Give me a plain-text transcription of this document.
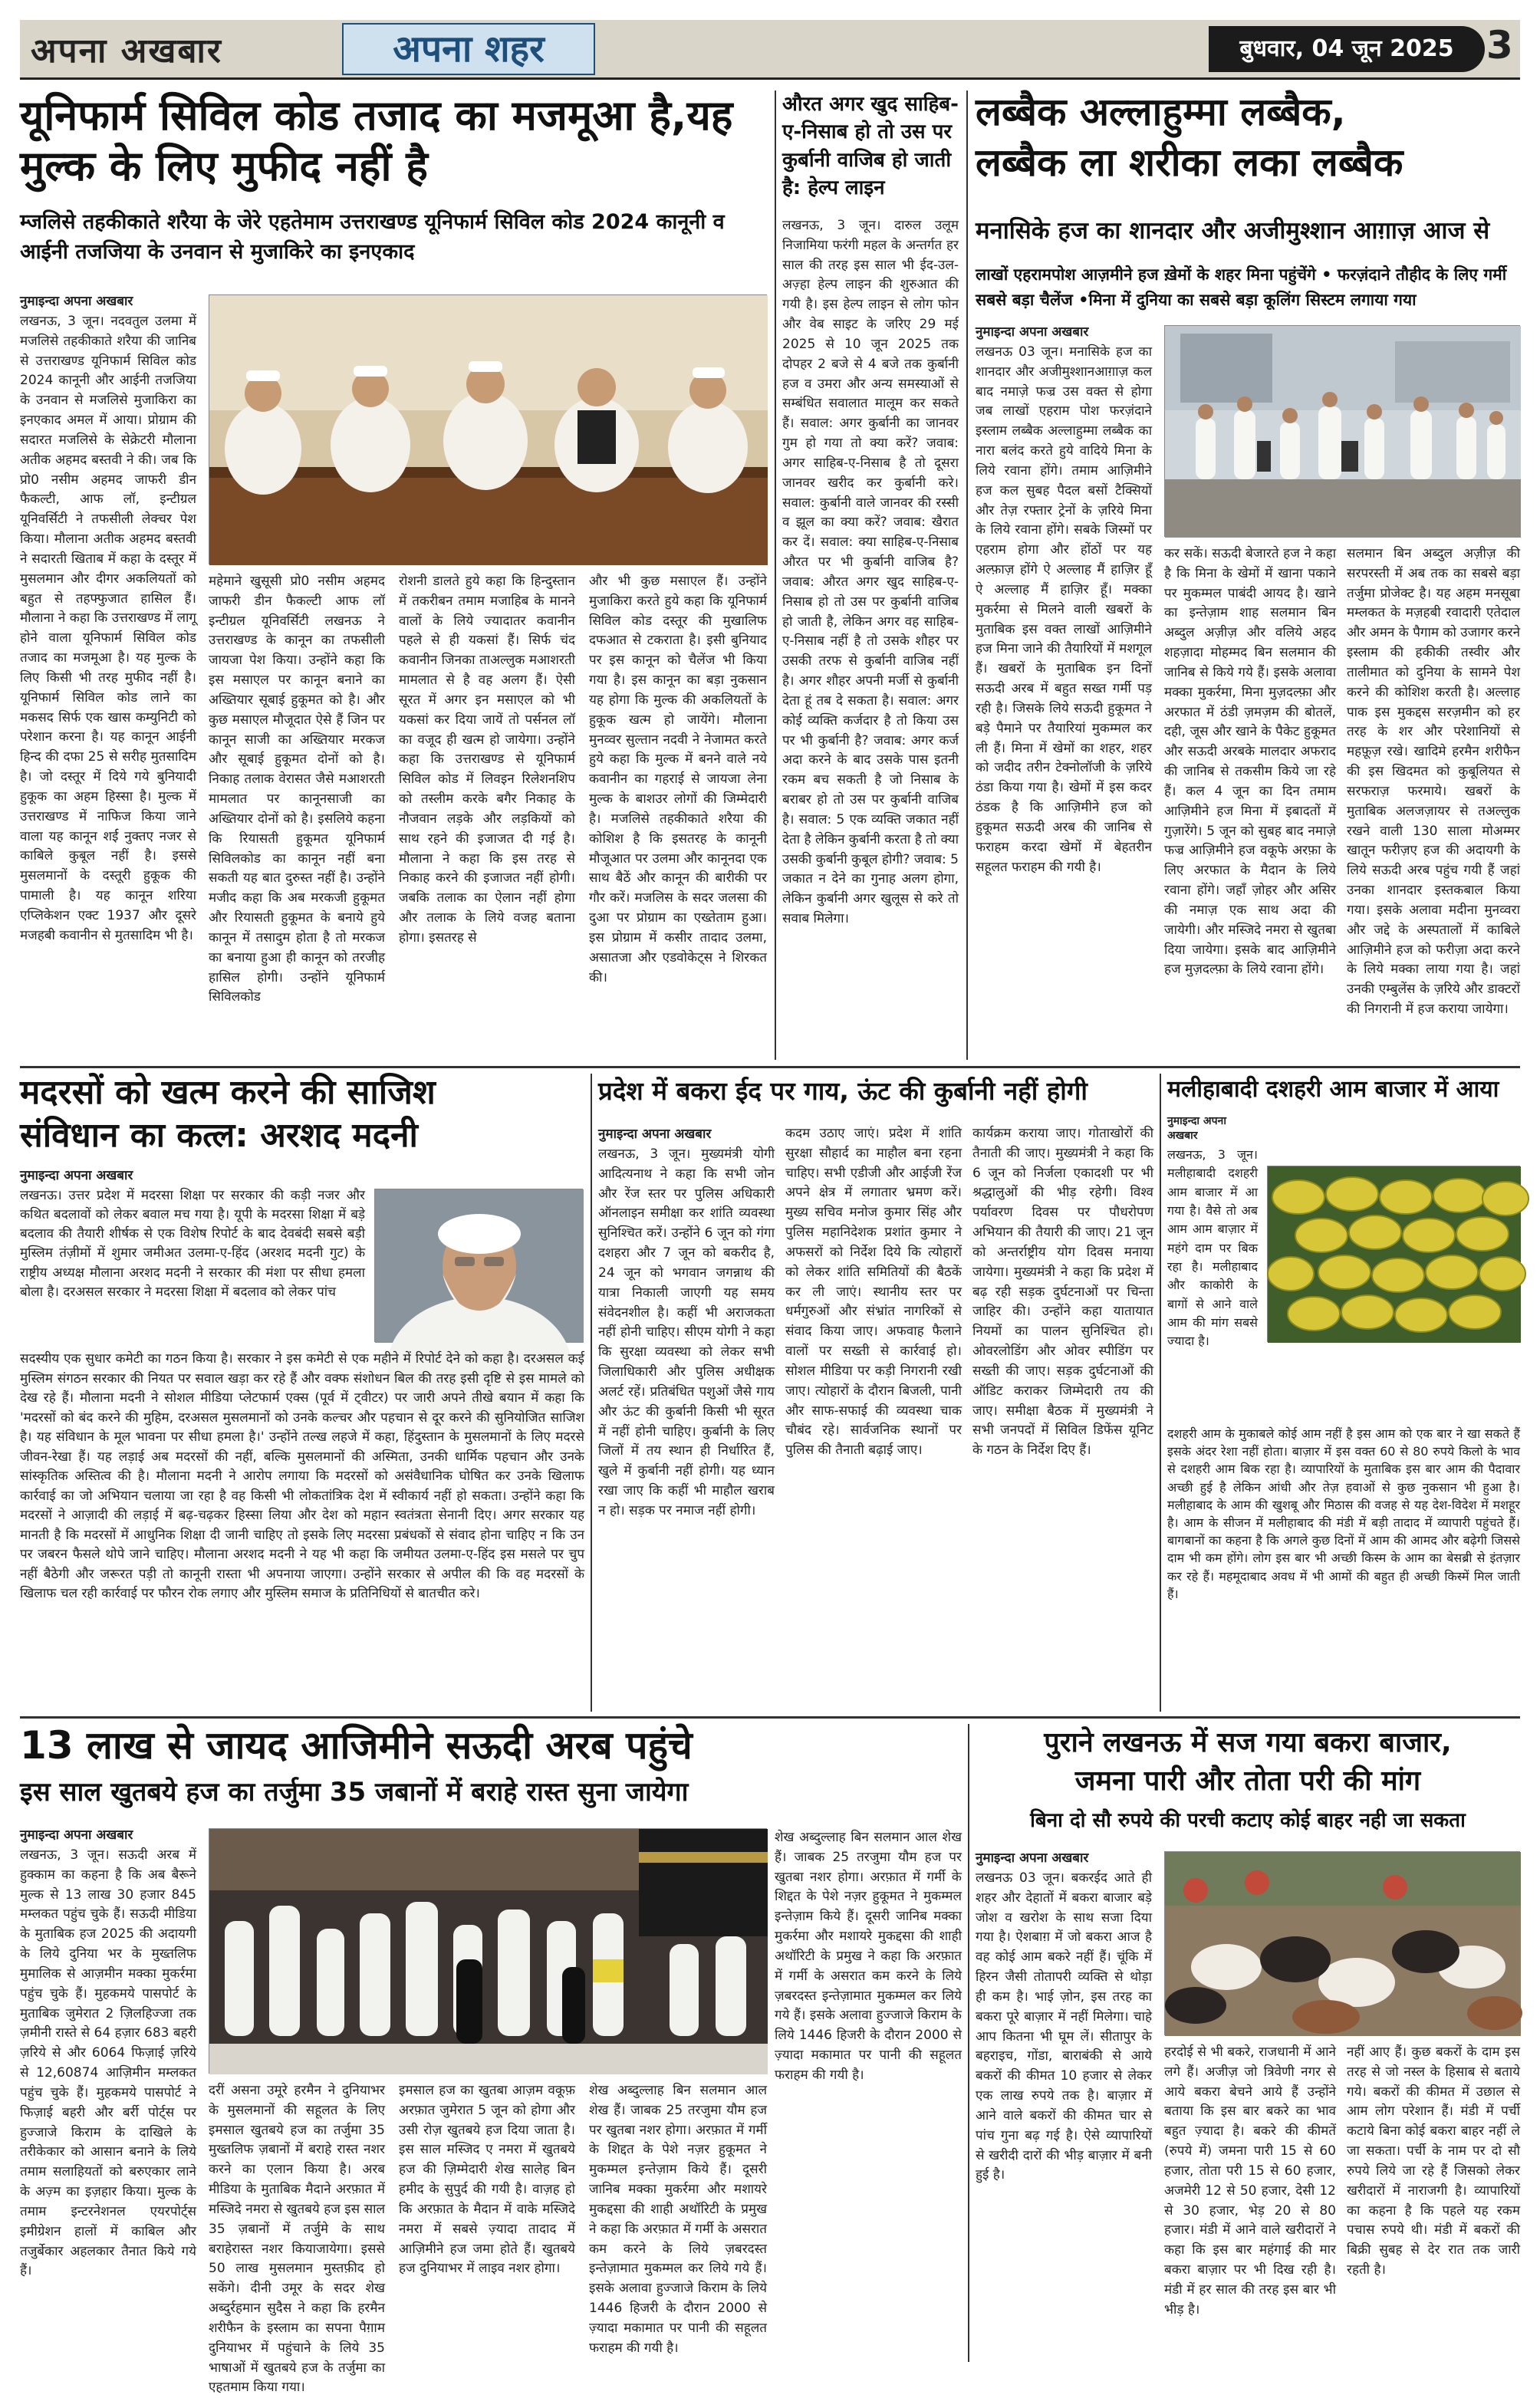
अपना अखबार	अपना शहर	बुधवार, 04 जून 2025 3
यूनिफार्म सिविल कोड तजाद का मजमूआ है,यह मुल्क के लिए मुफीद नहीं है
म्जलिसे तहकीकाते शरैया के जेरे एहतेमाम उत्तराखण्ड यूनिफार्म सिविल कोड 2024 कानूनी व आईनी तजजिया के उनवान से मुजाकिरे का इनएकाद
नुमाइन्दा अपना अखबार
लखनऊ, 3 जून। नदवतुल उलमा में मजलिसे तहकीकाते शरैया की जानिब से उत्तराखण्ड यूनिफार्म सिविल कोड 2024 कानूनी और आईनी तजजिया के उनवान से मजलिसे मुजाकिरा का इनएकाद अमल में आया। प्रोग्राम की सदारत मजलिसे के सेक्रेटरी मौलाना अतीक अहमद बस्तवी ने की। जब कि प्रो0 नसीम अहमद जाफरी डीन फैकल्टी, आफ लॉ, इन्टीग्रल यूनिवर्सिटी ने तफसीली लेक्चर पेश किया। मौलाना अतीक अहमद बस्तवी ने सदारती खिताब में कहा के दस्तूर में मुसलमान और दीगर अकलियतों को बहुत से तहफ्फुजात हासिल हैं। मौलाना ने कहा कि उत्तराखण्ड में लागू होने वाला यूनिफार्म सिविल कोड तजाद का मजमूआ है। यह मुल्क के लिए किसी भी तरह मुफीद नहीं है। यूनिफार्म सिविल कोड लाने का मकसद सिर्फ एक खास कम्युनिटी को परेशान करना है। यह कानून आईनी हिन्द की दफा 25 से सरीह मुतसादिम है। जो दस्तूर में दिये गये बुनियादी हुकूक का अहम हिस्सा है। मुल्क में उत्तराखण्ड में नाफिज किया जाने वाला यह कानून शर्ई नुक्तए नजर से काबिले कुबूल नहीं है। इससे मुसलमानों के दस्तूरी हुकूक की पामाली है। यह कानून शरिया एप्लिकेशन एक्ट 1937 और दूसरे मजहबी कवानीन से मुतसादिम भी है।
महेमाने खुसूसी प्रो0 नसीम अहमद जाफरी डीन फैकल्टी आफ लॉ इन्टीग्रल यूनिवर्सिटी लखनऊ ने उत्तराखण्ड के कानून का तफसीली जायजा पेश किया। उन्होंने कहा कि इस मसाएल पर कानून बनाने का अख्तियार सूबाई हुकूमत को है। और कुछ मसाएल मौजूदात ऐसे हैं जिन पर कानून साजी का अख्तियार मरकज और सूबाई हुकूमत दोनों को है। निकाह तलाक वेरासत जैसे मआशरती मामलात पर कानूनसाजी का अख्तियार दोनों को है। इसलिये कहना कि रियासती हुकूमत यूनिफार्म सिविलकोड का कानून नहीं बना सकती यह बात दुरुस्त नहीं है। उन्होंने मजीद कहा कि अब मरकजी हुकूमत और रियासती हुकूमत के बनाये हुये कानून में तसादुम होता है तो मरकज का बनाया हुआ ही कानून को तरजीह हासिल होगी। उन्होंने यूनिफार्म सिविलकोड
रोशनी डालते हुये कहा कि हिन्दुस्तान में तकरीबन तमाम मजाहिब के मानने वालों के लिये ज्यादातर कवानीन पहले से ही यकसां हैं। सिर्फ चंद कवानीन जिनका ताअल्लुक मआशरती मामलात से है वह अलग हैं। ऐसी सूरत में अगर इन मसाएल को भी यकसां कर दिया जायें तो पर्सनल लॉ का वजूद ही खत्म हो जायेगा। उन्होंने कहा कि उत्तराखण्ड से यूनिफार्म सिविल कोड में लिवइन रिलेशनशिप को तस्लीम करके बगैर निकाह के नौजवान लड़के और लड़कियों को साथ रहने की इजाजत दी गई है। मौलाना ने कहा कि इस तरह से निकाह करने की इजाजत नहीं होगी। जबकि तलाक का ऐलान नहीं होगा और तलाक के लिये वजह बताना होगा। इसतरह से
और भी कुछ मसाएल हैं। उन्होंने मुजाकिरा करते हुये कहा कि यूनिफार्म सिविल कोड दस्तूर की मुखालिफ दफआत से टकराता है। इसी बुनियाद पर इस कानून को चैलेंज भी किया गया है। इस कानून का बड़ा नुकसान यह होगा कि मुल्क की अकलियतों के हुकूक खत्म हो जायेंगे। मौलाना मुनव्वर सुल्तान नदवी ने नेजामत करते हुये कहा कि मुल्क में बनने वाले नये कवानीन का गहराई से जायजा लेना मुल्क के बाशउर लोगों की जिम्मेदारी है। मजलिसे तहकीकाते शरैया की कोशिश है कि इसतरह के कानूनी मौजूआत पर उलमा और कानूनदा एक साथ बैठें और कानून की बारीकी पर गौर करें। मजलिस के सदर जलसा की दुआ पर प्रोग्राम का एख्तेताम हुआ। इस प्रोग्राम में कसीर तादाद उलमा, असातजा और एडवोकेट्स ने शिरकत की।
औरत अगर खुद साहिब-ए-निसाब हो तो उस पर कुर्बानी वाजिब हो जाती है: हेल्प लाइन
लखनऊ, 3 जून। दारुल उलूम निजामिया फरंगी महल के अन्तर्गत हर साल की तरह इस साल भी ईद-उल-अज़्हा हेल्प लाइन की शुरुआत की गयी है। इस हेल्प लाइन से लोग फोन और वेब साइट के जरिए 29 मई 2025 से 10 जून 2025 तक दोपहर 2 बजे से 4 बजे तक कुर्बानी हज व उमरा और अन्य समस्याओं से सम्बंधित सवालात मालूम कर सकते हैं। सवाल: अगर कुर्बानी का जानवर गुम हो गया तो क्या करें? जवाब: अगर साहिब-ए-निसाब है तो दूसरा जानवर खरीद कर कुर्बानी करे। सवाल: कुर्बानी वाले जानवर की रस्सी व झूल का क्या करें? जवाब: खैरात कर दें। सवाल: क्या साहिब-ए-निसाब औरत पर भी कुर्बानी वाजिब है? जवाब: औरत अगर खुद साहिब-ए-निसाब हो तो उस पर कुर्बानी वाजिब हो जाती है, लेकिन अगर वह साहिब-ए-निसाब नहीं है तो उसके शौहर पर उसकी तरफ से कुर्बानी वाजिब नहीं है। अगर शौहर अपनी मर्जी से कुर्बानी देता हूं तब दे सकता है। सवाल: अगर कोई व्यक्ति कर्जदार है तो किया उस पर भी कुर्बानी है? जवाब: अगर कर्ज अदा करने के बाद उसके पास इतनी रकम बच सकती है जो निसाब के बराबर हो तो उस पर कुर्बानी वाजिब है। सवाल: 5 एक व्यक्ति जकात नहीं देता है लेकिन कुर्बानी करता है तो क्या उसकी कुर्बानी कुबूल होगी? जवाब: 5 जकात न देने का गुनाह अलग होगा, लेकिन कुर्बानी अगर खुलूस से करे तो सवाब मिलेगा।
लब्बैक अल्लाहुम्मा लब्बैक,
लब्बैक ला शरीका लका लब्बैक
मनासिके हज का शानदार और अजीमुश्शान आग़ाज़ आज से
लाखों एहरामपोश आज़मीने हज ख़ेमों के शहर मिना पहुंचेंगे • फरज़ंदाने तौहीद के लिए गर्मी सबसे बड़ा चैलेंज •मिना में दुनिया का सबसे बड़ा कूलिंग सिस्टम लगाया गया
नुमाइन्दा अपना अखबार
लखनऊ 03 जून। मनासिके हज का शानदार और अजीमुश्शानआग़ाज़ कल बाद नमाज़े फज्र उस वक्त से होगा जब लाखों एहराम पोश फरज़ंदाने इस्लाम लब्बैक अल्लाहुम्मा लब्बैक का नारा बलंद करते हुये वादिये मिना के लिये रवाना होंगे। तमाम आज़िमीने हज कल सुबह पैदल बसों टैक्सियों और तेज़ रफ्तार ट्रेनों के ज़रिये मिना के लिये रवाना होंगे। सबके जिस्मों पर एहराम होगा और होंठों पर यह अल्फ़ाज़ होंगे ऐ अल्लाह मैं हाज़िर हूँ ऐ अल्लाह मैं हाज़िर हूँ। मक्का मुकर्रमा से मिलने वाली खबरों के मुताबिक इस वक्त लाखों आज़िमीने हज मिना जाने की तैयारियों में मशगूल हैं। खबरों के मुताबिक इन दिनों सऊदी अरब में बहुत सख्त गर्मी पड़ रही है। जिसके लिये सऊदी हुकूमत ने बड़े पैमाने पर तैयारियां मुकम्मल कर ली हैं। मिना में खेमों का शहर, शहर को जदीद तरीन टेक्नोलॉजी के ज़रिये ठंडा किया गया है। खेमों में इस कदर ठंडक है कि आज़िमीने हज को हुकूमत सऊदी अरब की जानिब से फराहम करदा खेमों में बेहतरीन सहूलत फराहम की गयी है।
कर सकें। सऊदी बेजारते हज ने कहा है कि मिना के खेमों में खाना पकाने पर मुकम्मल पाबंदी आयद है। खाने का इन्तेज़ाम शाह सलमान बिन अब्दुल अज़ीज़ और वलिये अहद शहज़ादा मोहम्मद बिन सलमान की जानिब से किये गये हैं। इसके अलावा मक्का मुकर्रमा, मिना मुज़दल्फ़ा और अरफात में ठंडी ज़मज़म की बोतलें, दही, जूस और खाने के पैकेट हुकूमत और सऊदी अरबके मालदार अफराद की जानिब से तकसीम किये जा रहे हैं। कल 4 जून का दिन तमाम आज़िमीने हज मिना में इबादतों में गुज़ारेंगे। 5 जून को सुबह बाद नमाज़े फज्र आज़िमीने हज वकूफे अरफ़ा के लिए अरफात के मैदान के लिये रवाना होंगे। जहाँ ज़ोहर और असिर की नमाज़ एक साथ अदा की जायेगी। और मस्जिदे नमरा से खुतबा दिया जायेगा। इसके बाद आज़िमीने हज मुज़दल्फ़ा के लिये रवाना होंगे।
सलमान बिन अब्दुल अज़ीज़ की सरपरस्ती में अब तक का सबसे बड़ा तर्जुमा प्रोजेक्ट है। यह अहम मनसूबा मम्लकत के मज़हबी रवादारी एतेदाल और अमन के पैगाम को उजागर करने इस्लाम की हकीकी तस्वीर और तालीमात को दुनिया के सामने पेश करने की कोशिश करती है। अल्लाह पाक इस मुकद्दस सरज़मीन को हर तरह के शर और परेशानियों से महफ़ूज़ रखे। खादिमे हरमैन शरीफैन की इस खिदमत को कुबूलियत से सरफराज़ फरमाये। खबरों के मुताबिक अलजज़ायर से तअल्लुक रखने वाली 130 साला मोअम्मर खातून फरीज़ए हज की अदायगी के लिये सऊदी अरब पहुंच गयी हैं जहां उनका शानदार इस्तकबाल किया गया। इसके अलावा मदीना मुनव्वरा और जद्दे के अस्पतालों में काबिले आज़िमीने हज को फरीज़ा अदा करने के लिये मक्का लाया गया है। जहां उनकी एम्बुलेंस के ज़रिये और डाक्टरों की निगरानी में हज कराया जायेगा।
मदरसों को खत्म करने की साजिश
संविधान का कत्ल: अरशद मदनी
नुमाइन्दा अपना अखबार
लखनऊ। उत्तर प्रदेश में मदरसा शिक्षा पर सरकार की कड़ी नजर और कथित बदलावों को लेकर बवाल मच गया है। यूपी के मदरसा शिक्षा में बड़े बदलाव की तैयारी शीर्षक से एक विशेष रिपोर्ट के बाद देवबंदी सबसे बड़ी मुस्लिम तंज़ीमों में शुमार जमीअत उलमा-ए-हिंद (अरशद मदनी गुट) के राष्ट्रीय अध्यक्ष मौलाना अरशद मदनी ने सरकार की मंशा पर सीधा हमला बोला है। दरअसल सरकार ने मदरसा शिक्षा में बदलाव को लेकर पांच
सदस्यीय एक सुधार कमेटी का गठन किया है। सरकार ने इस कमेटी से एक महीने में रिपोर्ट देने को कहा है। दरअसल कई मुस्लिम संगठन सरकार की नियत पर सवाल खड़ा कर रहे हैं और वक्फ संशोधन बिल की तरह इसी दृष्टि से इस मामले को देख रहे हैं। मौलाना मदनी ने सोशल मीडिया प्लेटफार्म एक्स (पूर्व में ट्वीटर) पर जारी अपने तीखे बयान में कहा कि 'मदरसों को बंद करने की मुहिम, दरअसल मुसलमानों को उनके कल्चर और पहचान से दूर करने की सुनियोजित साजिश है। यह संविधान के मूल भावना पर सीधा हमला है।' उन्होंने तल्ख लहजे में कहा, हिंदुस्तान के मुसलमानों के लिए मदरसे जीवन-रेखा हैं। यह लड़ाई अब मदरसों की नहीं, बल्कि मुसलमानों की अस्मिता, उनकी धार्मिक पहचान और उनके सांस्कृतिक अस्तित्व की है। मौलाना मदनी ने आरोप लगाया कि मदरसों को असंवैधानिक घोषित कर उनके खिलाफ कार्रवाई का जो अभियान चलाया जा रहा है वह किसी भी लोकतांत्रिक देश में स्वीकार्य नहीं हो सकता। उन्होंने कहा कि मदरसों ने आज़ादी की लड़ाई में बढ़-चढ़कर हिस्सा लिया और देश को महान स्वतंत्रता सेनानी दिए। अगर सरकार यह मानती है कि मदरसों में आधुनिक शिक्षा दी जानी चाहिए तो इसके लिए मदरसा प्रबंधकों से संवाद होना चाहिए न कि उन पर जबरन फैसले थोपे जाने चाहिए। मौलाना अरशद मदनी ने यह भी कहा कि जमीयत उलमा-ए-हिंद इस मसले पर चुप नहीं बैठेगी और जरूरत पड़ी तो कानूनी रास्ता भी अपनाया जाएगा। उन्होंने सरकार से अपील की कि वह मदरसों के खिलाफ चल रही कार्रवाई पर फौरन रोक लगाए और मुस्लिम समाज के प्रतिनिधियों से बातचीत करे।
प्रदेश में बकरा ईद पर गाय, ऊंट की कुर्बानी नहीं होगी
नुमाइन्दा अपना अखबार
लखनऊ, 3 जून। मुख्यमंत्री योगी आदित्यनाथ ने कहा कि सभी जोन और रेंज स्तर पर पुलिस अधिकारी ऑनलाइन समीक्षा कर शांति व्यवस्था सुनिश्चित करें। उन्होंने 6 जून को गंगा दशहरा और 7 जून को बकरीद है, 24 जून को भगवान जगन्नाथ की यात्रा निकाली जाएगी यह समय संवेदनशील है। कहीं भी अराजकता नहीं होनी चाहिए। सीएम योगी ने कहा कि सुरक्षा व्यवस्था को लेकर सभी जिलाधिकारी और पुलिस अधीक्षक अलर्ट रहें। प्रतिबंधित पशुओं जैसे गाय और ऊंट की कुर्बानी किसी भी सूरत में नहीं होनी चाहिए। कुर्बानी के लिए जिलों में तय स्थान ही निर्धारित हैं, खुले में कुर्बानी नहीं होगी। यह ध्यान रखा जाए कि कहीं भी माहौल खराब न हो। सड़क पर नमाज नहीं होगी।
कदम उठाए जाएं। प्रदेश में शांति सुरक्षा सौहार्द का माहौल बना रहना चाहिए। सभी एडीजी और आईजी रेंज अपने क्षेत्र में लगातार भ्रमण करें। मुख्य सचिव मनोज कुमार सिंह और पुलिस महानिदेशक प्रशांत कुमार ने अफसरों को निर्देश दिये कि त्योहारों को लेकर शांति समितियों की बैठकें कर ली जाएं। स्थानीय स्तर पर धर्मगुरुओं और संभ्रांत नागरिकों से संवाद किया जाए। अफवाह फैलाने वालों पर सख्ती से कार्रवाई हो। सोशल मीडिया पर कड़ी निगरानी रखी जाए। त्योहारों के दौरान बिजली, पानी और साफ-सफाई की व्यवस्था चाक चौबंद रहे। सार्वजनिक स्थानों पर पुलिस की तैनाती बढ़ाई जाए।
कार्यक्रम कराया जाए। गोताखोरों की तैनाती की जाए। मुख्यमंत्री ने कहा कि 6 जून को निर्जला एकादशी पर भी श्रद्धालुओं की भीड़ रहेगी। विश्व पर्यावरण दिवस पर पौधरोपण अभियान की तैयारी की जाए। 21 जून को अन्तर्राष्ट्रीय योग दिवस मनाया जायेगा। मुख्यमंत्री ने कहा कि प्रदेश में बढ़ रही सड़क दुर्घटनाओं पर चिन्ता जाहिर की। उन्होंने कहा यातायात नियमों का पालन सुनिश्चित हो। ओवरलोडिंग और ओवर स्पीडिंग पर सख्ती की जाए। सड़क दुर्घटनाओं की ऑडिट कराकर जिम्मेदारी तय की जाए। समीक्षा बैठक में मुख्यमंत्री ने सभी जनपदों में सिविल डिफेंस यूनिट के गठन के निर्देश दिए हैं।
मलीहाबादी दशहरी आम बाजार में आया
नुमाइन्दा अपना अखबार
लखनऊ, 3 जून। मलीहाबादी दशहरी आम बाजार में आ गया है। वैसे तो अब आम आम बाज़ार में महंगे दाम पर बिक रहा है। मलीहाबाद और काकोरी के बागों से आने वाले आम की मांग सबसे ज्यादा है।
दशहरी आम के मुकाबले कोई आम नहीं है इस आम को एक बार ने खा सकते हैं इसके अंदर रेशा नहीं होता। बाज़ार में इस वक्त 60 से 80 रुपये किलो के भाव से दशहरी आम बिक रहा है। व्यापारियों के मुताबिक इस बार आम की पैदावार अच्छी हुई है लेकिन आंधी और तेज़ हवाओं से कुछ नुकसान भी हुआ है। मलीहाबाद के आम की खुशबू और मिठास की वजह से यह देश-विदेश में मशहूर है। आम के सीजन में मलीहाबाद की मंडी में बड़ी तादाद में व्यापारी पहुंचते हैं। बागबानों का कहना है कि अगले कुछ दिनों में आम की आमद और बढ़ेगी जिससे दाम भी कम होंगे। लोग इस बार भी अच्छी किस्म के आम का बेसब्री से इंतज़ार कर रहे हैं। महमूदाबाद अवध में भी आमों की बहुत ही अच्छी किस्में मिल जाती हैं।
13 लाख से जायद आजिमीने सऊदी अरब पहुंचे
इस साल खुतबये हज का तर्जुमा 35 जबानों में बराहे रास्त सुना जायेगा
नुमाइन्दा अपना अखबार
लखनऊ, 3 जून। सऊदी अरब में हुक्काम का कहना है कि अब बैरूने मुल्क से 13 लाख 30 हजार 845 मम्लकत पहुंच चुके हैं। सऊदी मीडिया के मुताबिक हज 2025 की अदायगी के लिये दुनिया भर के मुख्तलिफ मुमालिक से आज़मीन मक्का मुकर्रमा पहुंच चुके हैं। मुहकमये पासपोर्ट के मुताबिक जुमेरात 2 ज़िलहिज्जा तक ज़मीनी रास्ते से 64 हज़ार 683 बहरी ज़रिये से और 6064 फिज़ाई ज़रिये से 12,60874 आज़िमीन मम्लकत पहुंच चुके हैं। मुहकमये पासपोर्ट ने फिज़ाई बहरी और बर्री पोर्ट्स पर हुज्जाजे किराम के दाखिले के तरीकेकार को आसान बनाने के लिये तमाम सलाहियतों को बरुएकार लाने के अज़्म का इज़हार किया। मुल्क के तमाम इन्टरनेशनल एयरपोर्ट्स इमीग्रेशन हालों में काबिल और तजुर्बेकार अहलकार तैनात किये गये हैं।
दरीं असना उमूरे हरमैन ने दुनियाभर के मुसलमानों की सहूलत के लिए इमसाल खुतबये हज का तर्जुमा 35 मुख्तलिफ ज़बानों में बराहे रास्त नशर करने का एलान किया है। अरब मीडिया के मुताबिक मैदाने अरफ़ात में मस्जिदे नमरा से खुतबये हज इस साल 35 ज़बानों में तर्जुमे के साथ बराहेरास्त नशर कियाजायेगा। इससे 50 लाख मुसलमान मुस्तफ़ीद हो सकेंगे। दीनी उमूर के सदर शेख अब्दुर्रहमान सुदैस ने कहा कि हरमैन शरीफैन के इस्लाम का सपना पैग़ाम दुनियाभर में पहुंचाने के लिये 35 भाषाओं में खुतबये हज के तर्जुमा का एहतमाम किया गया।
इमसाल हज का खुतबा आज़म वकूफ़ अरफ़ात जुमेरात 5 जून को होगा और उसी रोज़ खुतबये हज दिया जाता है। इस साल मस्जिद ए नमरा में खुतबये हज की ज़िम्मेदारी शेख सालेह बिन हमीद के सुपुर्द की गयी है। वाज़ह हो कि अरफ़ात के मैदान में वाके मस्जिदे नमरा में सबसे ज़्यादा तादाद में आज़िमीने हज जमा होते हैं। खुतबये हज दुनियाभर में लाइव नशर होगा।
शेख अब्दुल्लाह बिन सलमान आल शेख हैं। जाबक 25 तरजुमा यौम हज पर खुतबा नशर होगा। अरफ़ात में गर्मी के शिद्दत के पेशे नज़र हुकूमत ने मुकम्मल इन्तेज़ाम किये हैं। दूसरी जानिब मक्का मुकर्रमा और मशायरे मुकद्दसा की शाही अथॉरिटी के प्रमुख ने कहा कि अरफ़ात में गर्मी के असरात कम करने के लिये ज़बरदस्त इन्तेज़ामात मुकम्मल कर लिये गये हैं। इसके अलावा हुज्जाजे किराम के लिये 1446 हिजरी के दौरान 2000 से ज़्यादा मकामात पर पानी की सहूलत फराहम की गयी है।
शेख अब्दुल्लाह बिन सलमान आल शेख हैं। जाबक 25 तरजुमा यौम हज पर खुतबा नशर होगा। अरफ़ात में गर्मी के शिद्दत के पेशे नज़र हुकूमत ने मुकम्मल इन्तेज़ाम किये हैं। दूसरी जानिब मक्का मुकर्रमा और मशायरे मुकद्दसा की शाही अथॉरिटी के प्रमुख ने कहा कि अरफ़ात में गर्मी के असरात कम करने के लिये ज़बरदस्त इन्तेज़ामात मुकम्मल कर लिये गये हैं। इसके अलावा हुज्जाजे किराम के लिये 1446 हिजरी के दौरान 2000 से ज़्यादा मकामात पर पानी की सहूलत फराहम की गयी है।
पुराने लखनऊ में सज गया बकरा बाजार,
जमना पारी और तोता परी की मांग
बिना दो सौ रुपये की परची कटाए कोई बाहर नही जा सकता
नुमाइन्दा अपना अखबार
लखनऊ 03 जून। बकरईद आते ही शहर और देहातों में बकरा बाजार बड़े जोश व खरोश के साथ सजा दिया गया है। ऐशबाग़ में जो बकरा आज है वह कोई आम बकरे नहीं हैं। चूंकि में हिरन जैसी तोतापरी व्यक्ति से थोड़ा ही कम है। भाई ज़ोन, इस तरह का बकरा पूरे बाज़ार में नहीं मिलेगा। चाहे आप कितना भी घूम लें। सीतापुर के बहराइच, गोंडा, बाराबंकी से आये बकरों की कीमत 10 हजार से लेकर एक लाख रुपये तक है। बाज़ार में आने वाले बकरों की कीमत चार से पांच गुना बढ़ गई है। ऐसे व्यापारियों से खरीदी दारों की भीड़ बाज़ार में बनी हुई है।
हरदोई से भी बकरे, राजधानी में आने लगे हैं। अजीज़ जो त्रिवेणी नगर से आये बकरा बेचने आये हैं उन्होंने बताया कि इस बार बकरे का भाव बहुत ज़्यादा है। बकरे की कीमतें (रुपये में) जमना पारी 15 से 60 हजार, तोता परी 15 से 60 हजार, अजमेरी 12 से 50 हजार, देसी 12 से 30 हजार, भेड़ 20 से 80 हजार। मंडी में आने वाले खरीदारों ने कहा कि इस बार महंगाई की मार बकरा बाज़ार पर भी दिख रही है। मंडी में हर साल की तरह इस बार भी भीड़ है।
नहीं आए हैं। कुछ बकरों के दाम इस तरह से जो नस्ल के हिसाब से बताये गये। बकरों की कीमत में उछाल से आम लोग परेशान हैं। मंडी में पर्ची कटाये बिना कोई बकरा बाहर नहीं ले जा सकता। पर्ची के नाम पर दो सौ रुपये लिये जा रहे हैं जिसको लेकर खरीदारों में नाराजगी है। व्यापारियों का कहना है कि पहले यह रकम पचास रुपये थी। मंडी में बकरों की बिक्री सुबह से देर रात तक जारी रहती है।
